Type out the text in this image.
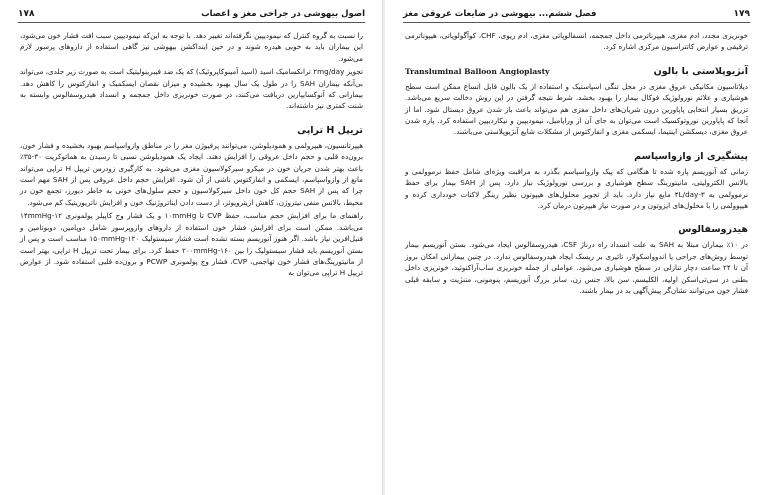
اصول بیهوشی در جراحی مغز و اعصاب
۱۷۸

را نسبت به گروه کنترل که نیمودیپین نگرفته‌اند تغییر دهد. با توجه به این‌که نیمودیپین سبب افت فشار خون می‌شود، این بیماران باید به خوبی هیدره شوند و در حین اینداکشن بیهوشی نیز گاهی استفاده از داروهای پرسور لازم می‌شود.

تجویز ۲mg/day ترانکسامیک اسید (اسید آمینوکاپروئیک) که یک ضد فیبرینولیتیک است به صورت زیر جلدی، می‌تواند بی‌آنکه بیماران SAH را در طول یک سال بهبود بخشیده و میزان نقصان ایسکمیک و انفارکتوس را کاهش دهد. بیمارانی که آنوکسایپارین دریافت می‌کنند، در صورت خونریزی داخل جمجمه و انسداد هیدروسفالوس وابسته به شنت کمتری نیز داشته‌اند.

تریپل H تراپی

هیپرتانسیون، هیپرولمی و همودیلوشن، می‌توانند پرفیوژن مغز را در مناطق وازواسپاسم بهبود بخشیده و فشار خون، برون‌ده قلبی و حجم داخل عروقی را افزایش دهند. ایجاد یک همودیلوشن نسبی تا رسیدن به هماتوکریت ۳۰-۳۵٪ باعث بهتر شدن جریان خون در میکرو سیرکولاسیون مغزی می‌شود. به کارگیری زودرس تریپل H تراپی می‌تواند مانع از وازواسپاسم، ایسکمی و انفارکتوس ناشی از آن شود. افزایش حجم داخل عروقی پس از SAH مهم است چرا که پس از SAH حجم کل خون داخل سیرکولاسیون و حجم سلول‌های خونی به خاطر دیورز، تجمع خون در محیط، بالانس منفی نیتروژن، کاهش اریتروپوئز، از دست دادن اینا‌تروژنیک خون و افزایش ناتریوریتیک کم می‌شود.

راهنمای ما برای افزایش حجم مناسب، حفظ CVP تا ۱۰mmHg و یک فشار وج کاپیلر پولمونری ۱۲-۱۴mmHg می‌باشد. ممکن است برای افزایش فشار خون استفاده از داروهای وازوپرسور شامل دوپامین، دوبوتامین و فنیل‌افرین نیاز باشد. اگر هنوز آنوریسم بسته نشده است فشار سیستولیک ۱۲۰-۱۵۰mmHg مناسب است و پس از بستن آنوریسم باید فشار سیستولیک را بین ۱۶۰-۲۰۰mmHg حفظ کرد. برای بیمار تحت تریپل H تراپی، بهتر است از مانیتورینگ‌های فشار خون تهاجمی، CVP، فشار وج پولمونری PCWP و برون‌ده قلبی استفاده شود. از عوارض تریپل H تراپی می‌توان به

۱۷۹
فصل ششم... بیهوشی در ضایعات عروقی مغز

خونریزی مجدد، ادم مغزی، هیپرناترمی داخل جمجمه، انسفالوپاتی مغزی، ادم ریوی، CHF، کوآگولوپاتی، هیپوناترمی ترقیقی و عوارض کاتتراسیون مرکزی اشاره کرد.

آنژیوپلاستی با بالون
Transluminal Balloon Angioplasty

دیلاتاسیون مکانیکی عروق مغزی در محل تنگی اسپاستیک و استفاده از یک بالون قابل اتساع ممکن است سطح هوشیاری و علائم نورولوژیک فوکال بیمار را بهبود بخشد. شرط نتیجه گرفتن در این روش دخالت سریع می‌باشد. تزریق بسیار انتخابی پاپاورین درون شریان‌های داخل مغزی هم می‌تواند باعث باز شدن عروق دیستال شود. اما از آنجا که پاپاورین نوروتوکسیک است می‌توان به جای آن از وراپامیل، نیمودیپین و نیکاردیپین استفاده کرد. پاره شدن عروق مغزی، دیسکشن اینتیما، ایسکمی مغزی و انفارکتوس از مشکلات شایع آنژیوپلاستی می‌باشند.

پیشگیری از وازواسپاسم

زمانی که آنوریسم پاره شده تا هنگامی که پیک وازواسپاسم بگذرد به مراقبت ویژه‌ای شامل حفظ نرموولمی و بالانس الکترولیتی، مانیتورینگ سطح هوشیاری و بررسی نورولوژیک نیاز دارد. پس از SAH بیمار برای حفظ نرموولمی به ۳-۴L/day مایع نیاز دارد. باید از تجویز محلول‌های هیپوتون نظیر رینگر لاکتات خودداری کرده و هیپوولمی را با محلول‌های ایزوتون و در صورت نیاز هیپرتون درمان کرد.

هیدروسفالوس

در ۱۰٪ بیماران مبتلا به SAH به علت انسداد راه درناژ CSF، هیدروسفالوس ایجاد می‌شود. بستن آنوریسم بیمار توسط روش‌های جراحی یا اندوواسکولار، تاثیری بر ریسک ایجاد هیدروسفالوس ندارد. در چنین بیمارانی امکان بروز آن تا ۲۴ ساعت دچار تنازلی در سطح هوشیاری می‌شود. عواملی از جمله خونریزی ساب‌آراکنوئید، خونریزی داخل بطنی در سی‌تی‌اسکن اولیه، الکلیسم، سن بالا، جنس زن، سابز بزرگ آنوریسم، پنومونی، مننژیت و سابقه قبلی فشار خون می‌توانند نشان‌گر پیش‌آگهی بد در بیمار باشند.
